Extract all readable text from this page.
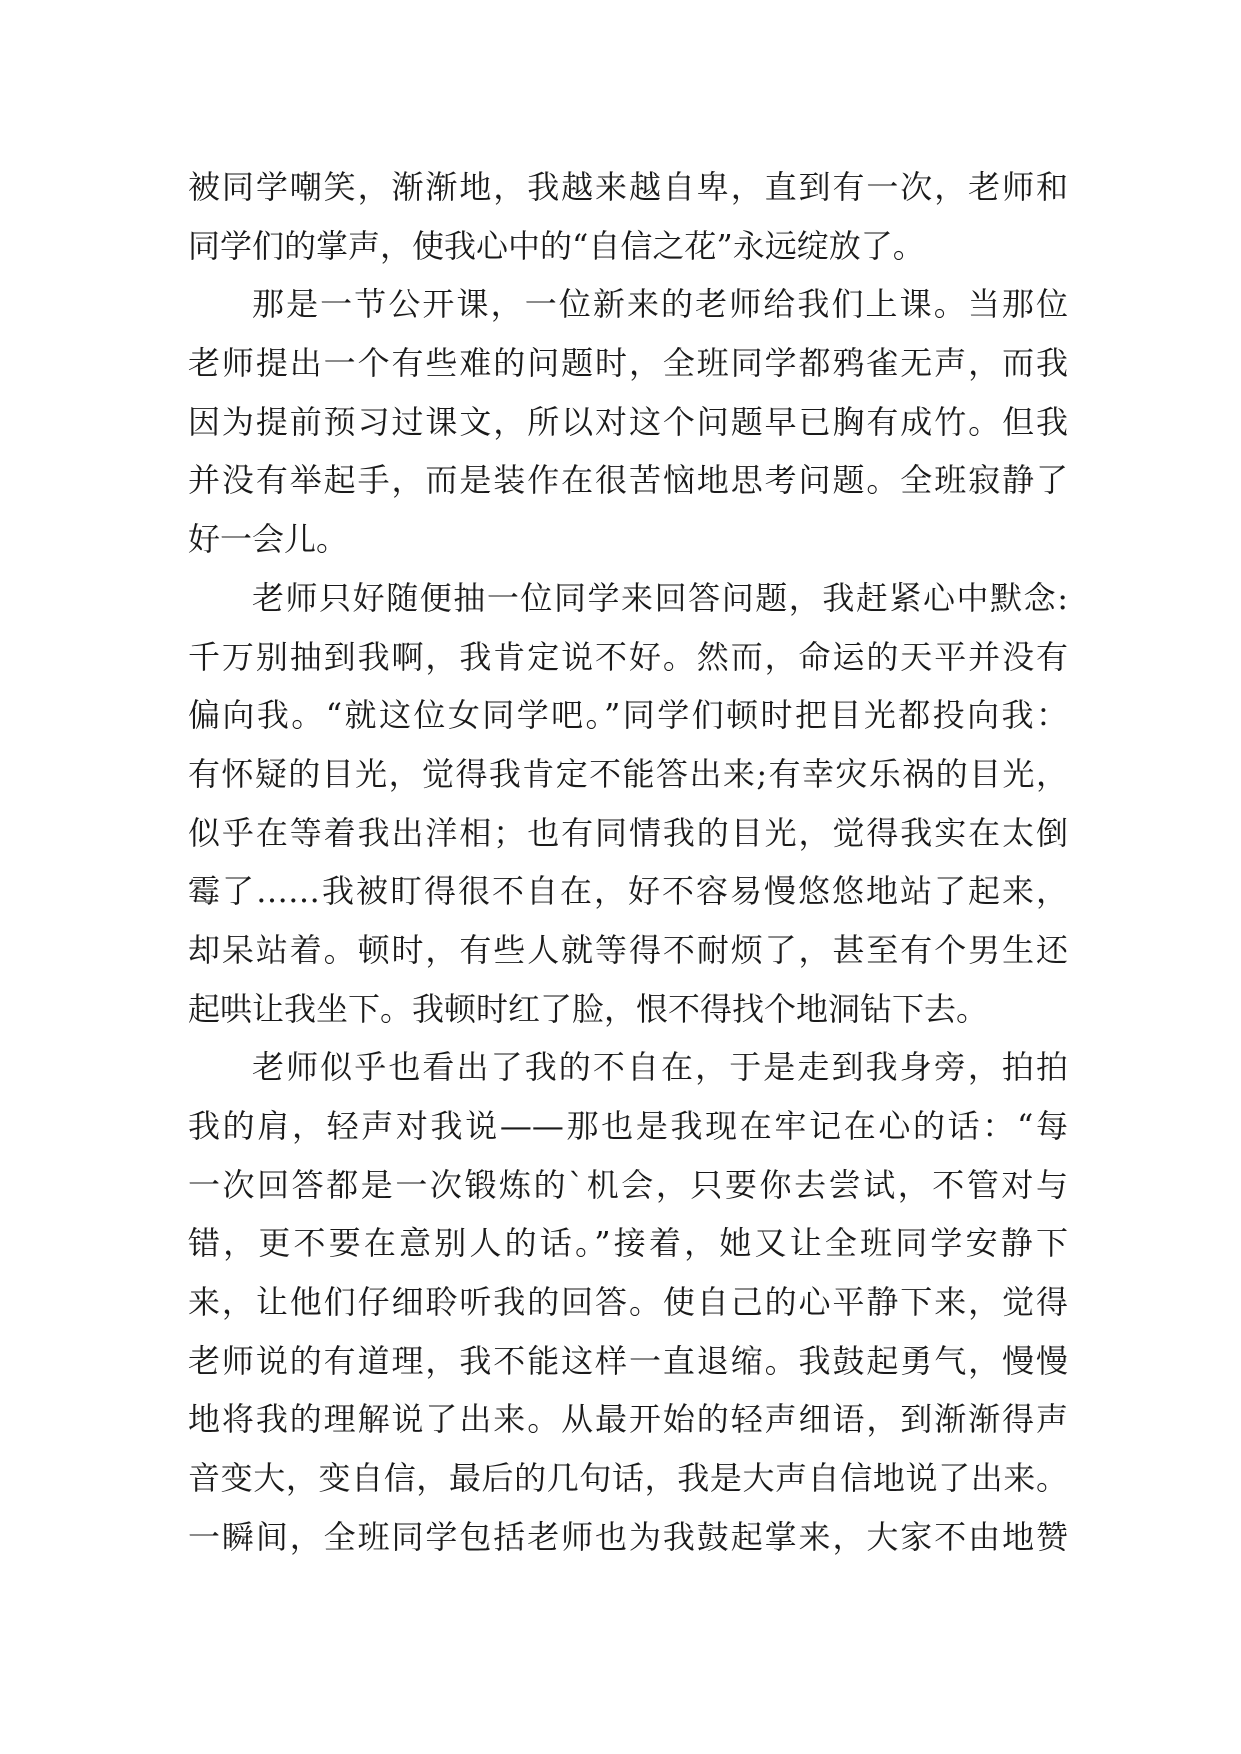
被同学嘲笑，渐渐地，我越来越自卑，直到有一次，老师和
同学们的掌声，使我心中的“自信之花”永远绽放了。
那是一节公开课，一位新来的老师给我们上课。当那位
老师提出一个有些难的问题时，全班同学都鸦雀无声，而我
因为提前预习过课文，所以对这个问题早已胸有成竹。但我
并没有举起手，而是装作在很苦恼地思考问题。全班寂静了
好一会儿。
老师只好随便抽一位同学来回答问题，我赶紧心中默念:
千万别抽到我啊，我肯定说不好。然而，命运的天平并没有
偏向我。“就这位女同学吧。”同学们顿时把目光都投向我：
有怀疑的目光，觉得我肯定不能答出来;有幸灾乐祸的目光，
似乎在等着我出洋相；也有同情我的目光，觉得我实在太倒
霉了……我被盯得很不自在，好不容易慢悠悠地站了起来，
却呆站着。顿时，有些人就等得不耐烦了，甚至有个男生还
起哄让我坐下。我顿时红了脸，恨不得找个地洞钻下去。
老师似乎也看出了我的不自在，于是走到我身旁，拍拍
我的肩，轻声对我说——那也是我现在牢记在心的话：“每
一次回答都是一次锻炼的`机会，只要你去尝试，不管对与
错，更不要在意别人的话。”接着，她又让全班同学安静下
来，让他们仔细聆听我的回答。使自己的心平静下来，觉得
老师说的有道理，我不能这样一直退缩。我鼓起勇气，慢慢
地将我的理解说了出来。从最开始的轻声细语，到渐渐得声
音变大，变自信，最后的几句话，我是大声自信地说了出来。
一瞬间，全班同学包括老师也为我鼓起掌来，大家不由地赞
